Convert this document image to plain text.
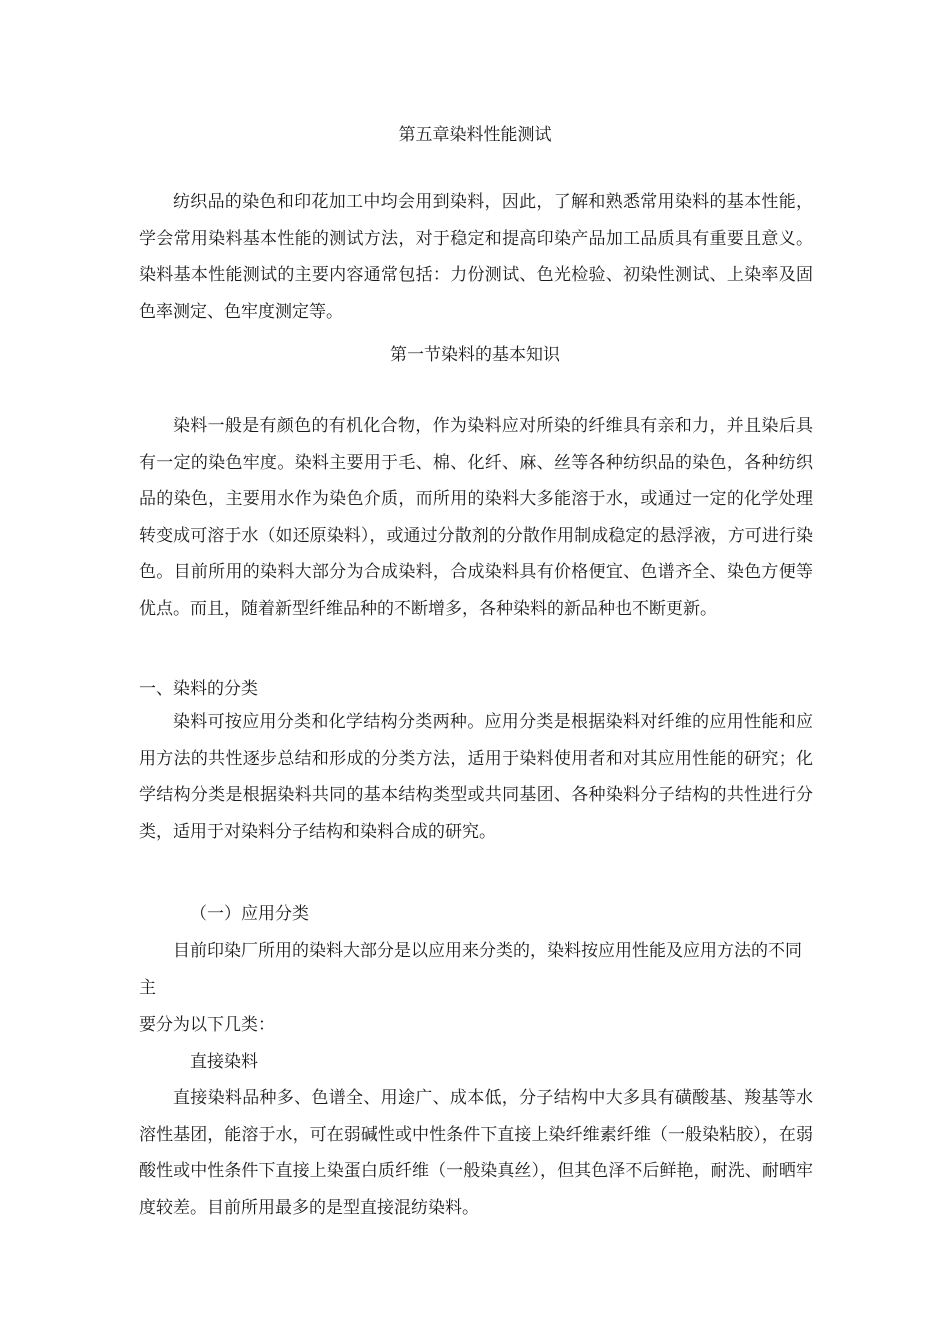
第五章染料性能测试

纺织品的染色和印花加工中均会用到染料，因此，了解和熟悉常用染料的基本性能，学会常用染料基本性能的测试方法，对于稳定和提高印染产品加工品质具有重要且意义。染料基本性能测试的主要内容通常包括：力份测试、色光检验、初染性测试、上染率及固色率测定、色牢度测定等。

第一节染料的基本知识

染料一般是有颜色的有机化合物，作为染料应对所染的纤维具有亲和力，并且染后具有一定的染色牢度。染料主要用于毛、棉、化纤、麻、丝等各种纺织品的染色，各种纺织品的染色，主要用水作为染色介质，而所用的染料大多能溶于水，或通过一定的化学处理转变成可溶于水（如还原染料），或通过分散剂的分散作用制成稳定的悬浮液，方可进行染色。目前所用的染料大部分为合成染料，合成染料具有价格便宜、色谱齐全、染色方便等优点。而且，随着新型纤维品种的不断增多，各种染料的新品种也不断更新。

一、染料的分类

染料可按应用分类和化学结构分类两种。应用分类是根据染料对纤维的应用性能和应用方法的共性逐步总结和形成的分类方法，适用于染料使用者和对其应用性能的研究；化学结构分类是根据染料共同的基本结构类型或共同基团、各种染料分子结构的共性进行分类，适用于对染料分子结构和染料合成的研究。

（一）应用分类

目前印染厂所用的染料大部分是以应用来分类的，染料按应用性能及应用方法的不同

主

要分为以下几类：

直接染料

直接染料品种多、色谱全、用途广、成本低，分子结构中大多具有磺酸基、羧基等水溶性基团，能溶于水，可在弱碱性或中性条件下直接上染纤维素纤维（一般染粘胶），在弱酸性或中性条件下直接上染蛋白质纤维（一般染真丝），但其色泽不后鲜艳，耐洗、耐晒牢度较差。目前所用最多的是型直接混纺染料。
